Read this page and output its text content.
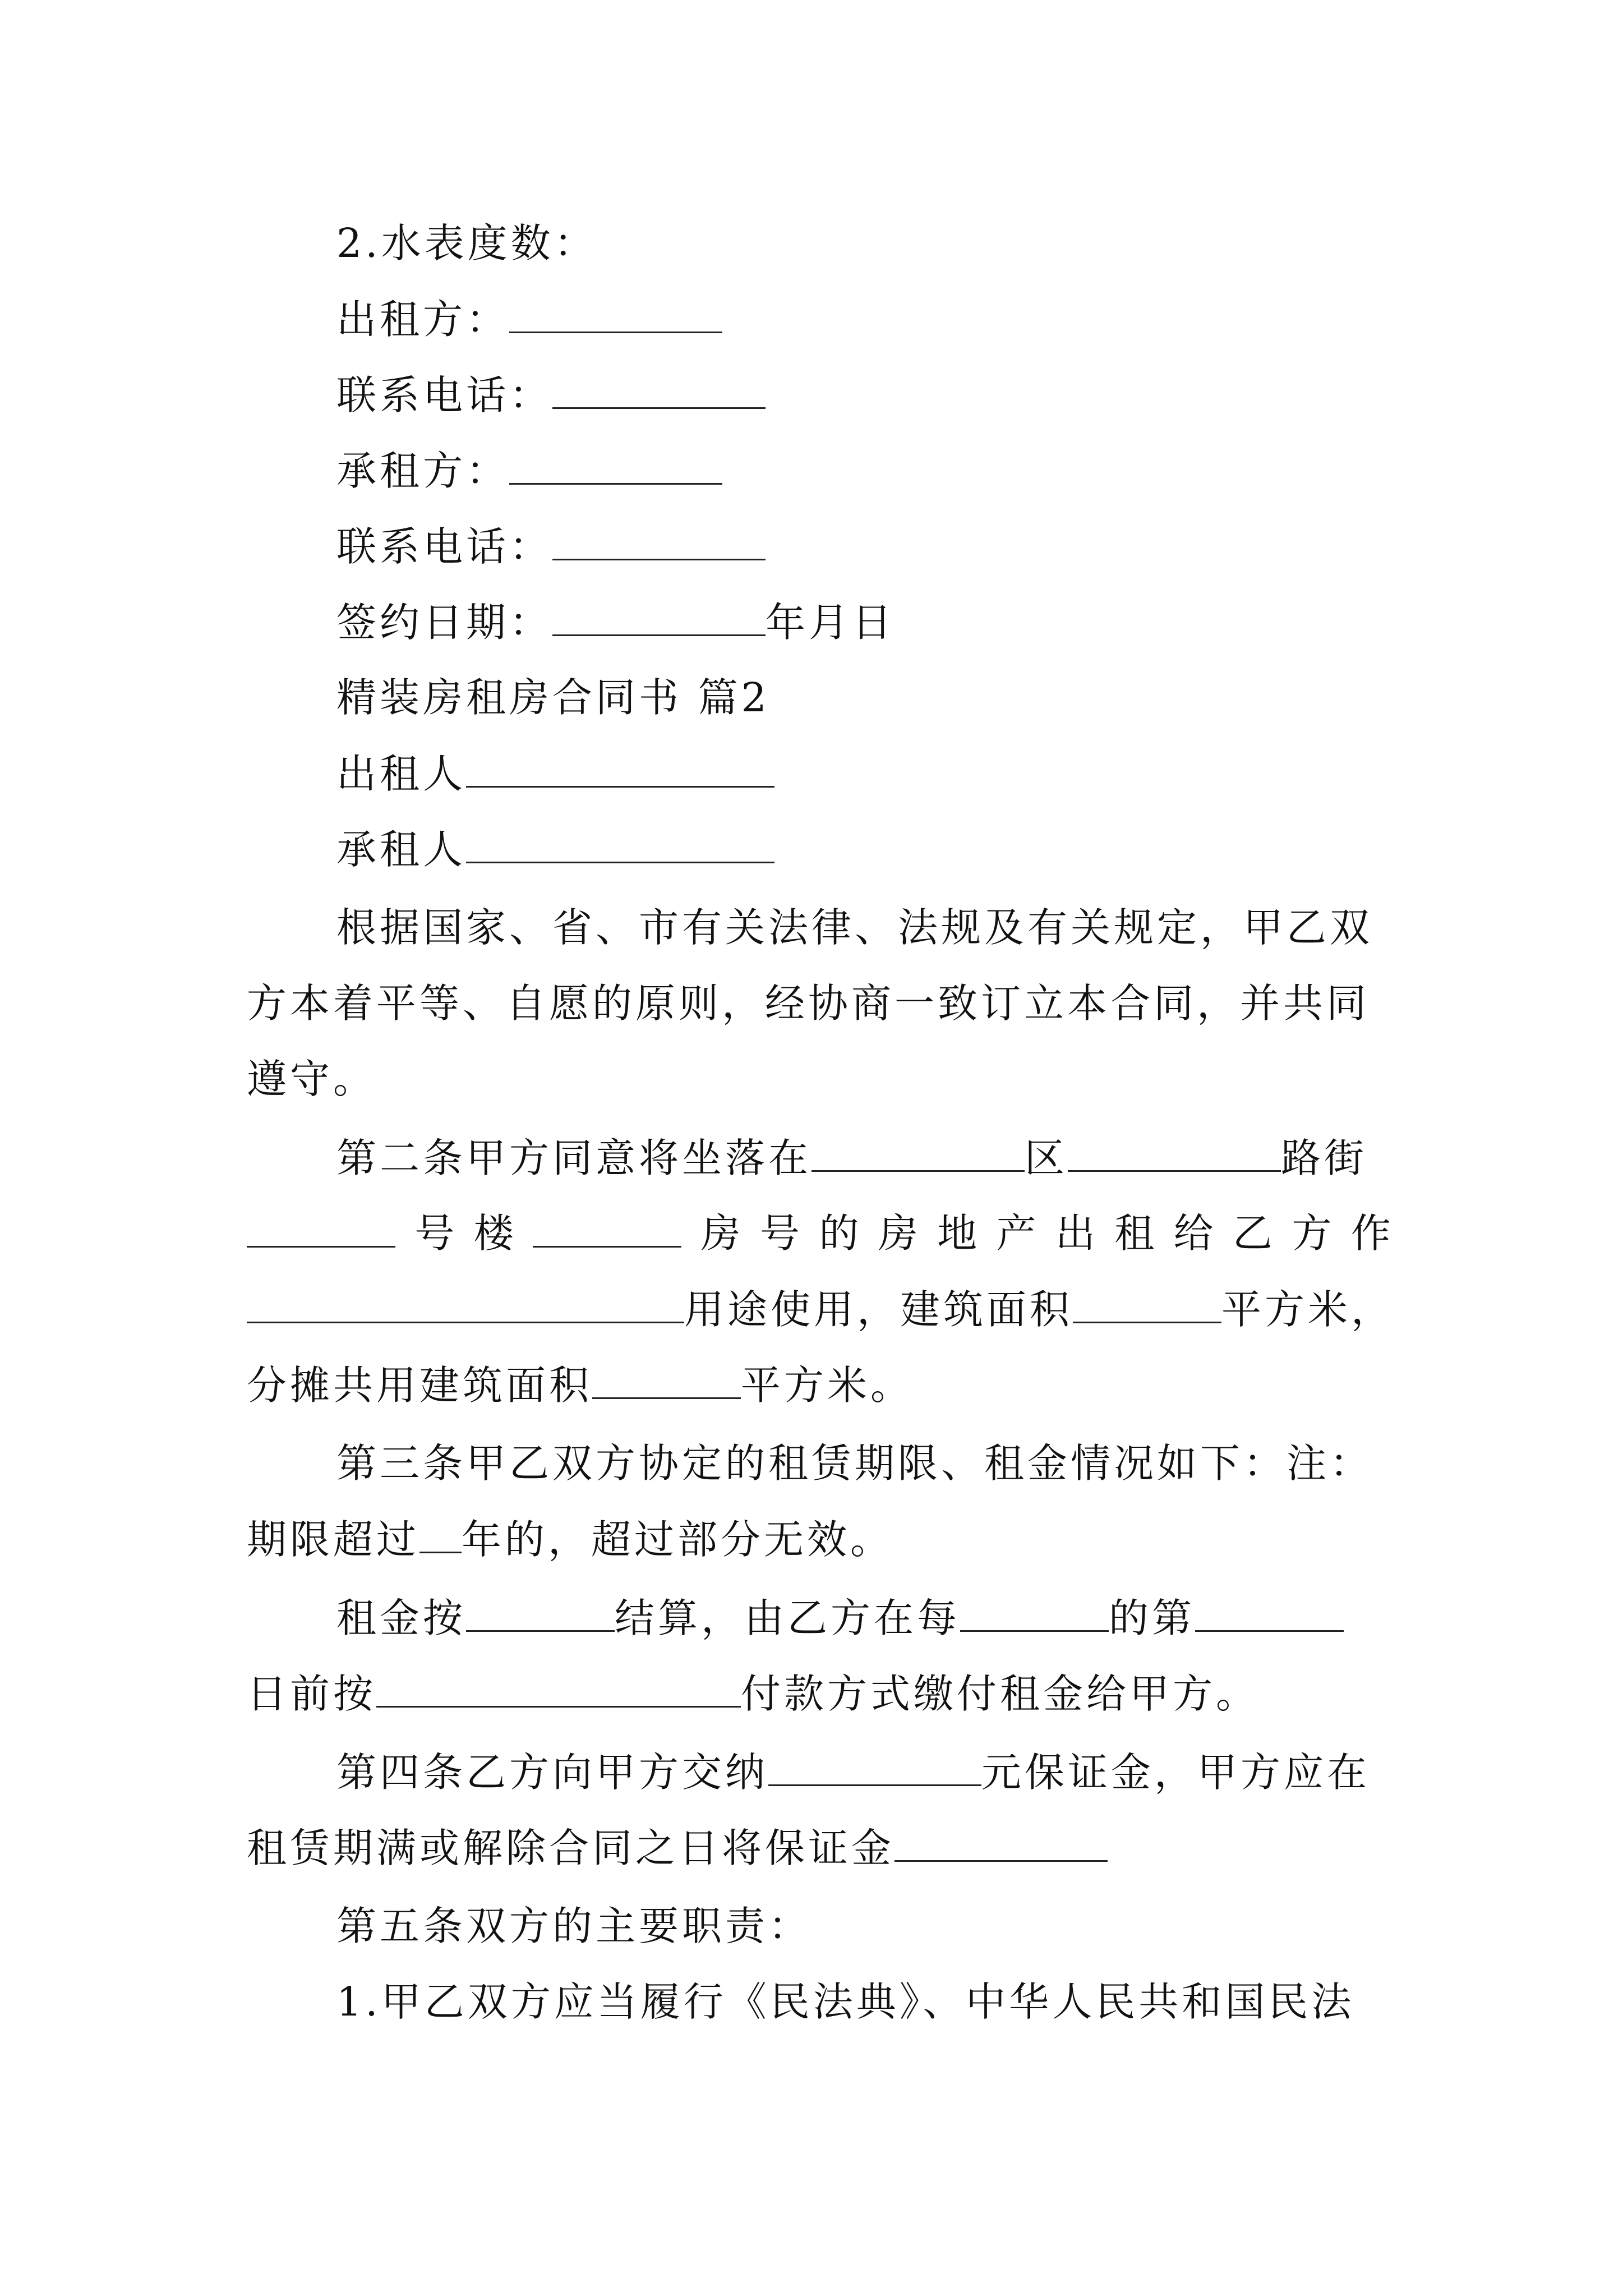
2.水表度数：
出租方：
联系电话：
承租方：
联系电话：
签约日期：	年月日
精装房租房合同书 篇2
出租人
承租人
根据国家、省、市有关法律、法规及有关规定，甲乙双
方本着平等、自愿的原则，经协商一致订立本合同，并共同
遵守。
第二条甲方同意将坐落在	区	路街
号 楼	房 号 的 房 地 产 出 租 给 乙 方 作
用途使用，建筑面积	平方米，
分摊共用建筑面积	平方米。
第三条甲乙双方协定的租赁期限、租金情况如下：注：
期限超过 年的，超过部分无效。
租金按	结算，由乙方在每	的第
日前按	付款方式缴付租金给甲方。
第四条乙方向甲方交纳	元保证金，甲方应在
租赁期满或解除合同之日将保证金
第五条双方的主要职责：
1.甲乙双方应当履行《民法典》、中华人民共和国民法
